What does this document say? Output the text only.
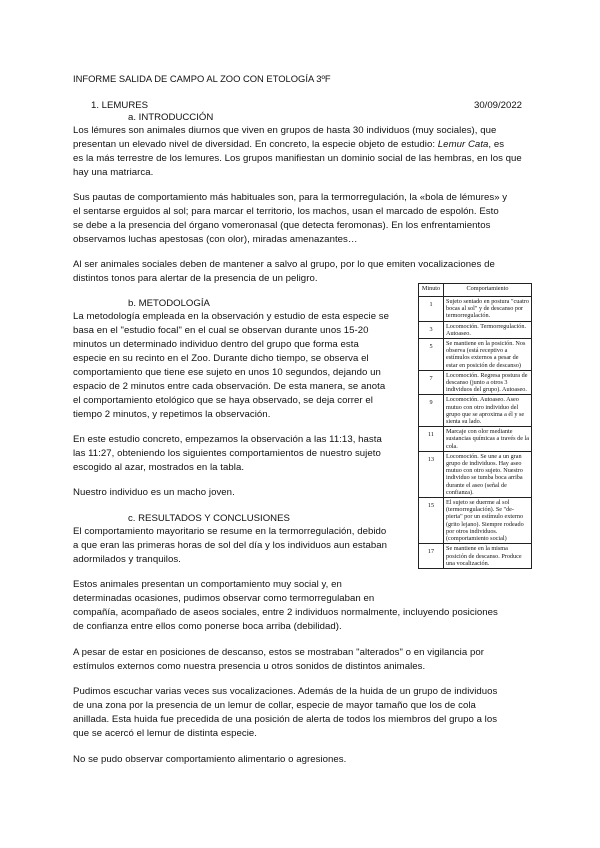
INFORME SALIDA DE CAMPO AL ZOO CON ETOLOGÍA 3ºF
1. LEMURES	30/09/2022
a. INTRODUCCIÓN
Los lémures son animales diurnos que viven en grupos de hasta 30 individuos (muy sociales), que
presentan un elevado nivel de diversidad. En concreto, la especie objeto de estudio: Lemur Cata, es
es la más terrestre de los lemures. Los grupos manifiestan un dominio social de las hembras, en los que
hay una matriarca.
Sus pautas de comportamiento más habituales son, para la termorregulación, la «bola de lémures» y
el sentarse erguidos al sol; para marcar el territorio, los machos, usan el marcado de espolón. Esto
se debe a la presencia del órgano vomeronasal (que detecta feromonas). En los enfrentamientos
observamos luchas apestosas (con olor), miradas amenazantes…
Al ser animales sociales deben de mantener a salvo al grupo, por lo que emiten vocalizaciones de
distintos tonos para alertar de la presencia de un peligro.
b. METODOLOGÍA
La metodología empleada en la observación y estudio de esta especie se
basa en el "estudio focal" en el cual se observan durante unos 15-20
minutos un determinado individuo dentro del grupo que forma esta
especie en su recinto en el Zoo. Durante dicho tiempo, se observa el
comportamiento que tiene ese sujeto en unos 10 segundos, dejando un
espacio de 2 minutos entre cada observación. De esta manera, se anota
el comportamiento etológico que se haya observado, se deja correr el
tiempo 2 minutos, y repetimos la observación.
En este estudio concreto, empezamos la observación a las 11:13, hasta
las 11:27, obteniendo los siguientes comportamientos de nuestro sujeto
escogido al azar, mostrados en la tabla.
Nuestro individuo es un macho joven.
c. RESULTADOS Y CONCLUSIONES
El comportamiento mayoritario se resume en la termorregulación, debido
a que eran las primeras horas de sol del día y los individuos aun estaban
adormilados y tranquilos.
Estos animales presentan un comportamiento muy social y, en
determinadas ocasiones, pudimos observar como termorregulaban en
compañía, acompañado de aseos sociales, entre 2 individuos normalmente, incluyendo posiciones
de confianza entre ellos como ponerse boca arriba (debilidad).
A pesar de estar en posiciones de descanso, estos se mostraban "alterados" o en vigilancia por
estímulos externos como nuestra presencia u otros sonidos de distintos animales.
Pudimos escuchar varias veces sus vocalizaciones. Además de la huida de un grupo de individuos
de una zona por la presencia de un lemur de collar, especie de mayor tamaño que los de cola
anillada. Esta huida fue precedida de una posición de alerta de todos los miembros del grupo a los
que se acercó el lemur de distinta especie.
No se pudo observar comportamiento alimentario o agresiones.
Minuto	Comportamiento
1	Sujeto sentado en postura "cuatro bocas al sol" y de descanso por termorregulación.
3	Locomoción. Termorregulación. Autoaseo.
5	Se mantiene en la posición. Nos observa (está receptivo a estímulos externos a pesar de estar en posición de descanso)
7	Locomoción. Regresa postura de descanso (junto a otros 3 individuos del grupo). Autoaseo.
9	Locomoción. Autoaseo. Aseo mutuo con otro individuo del grupo que se aproxima a él y se sienta su lado.
11	Marcaje con olor mediante sustancias químicas a través de la cola.
13	Locomoción. Se une a un gran grupo de individuos. Hay aseo mutuo con otro sujeto. Nuestro individuo se tumba boca arriba durante el aseo (señal de confianza).
15	El sujeto se duerme al sol (termorregulación). Se "de-pierta" por un estímulo externo (grito lejano). Siempre rodeado por otros individuos. (comportamiento social)
17	Se mantiene en la misma posición de descanso. Produce una vocalización.
